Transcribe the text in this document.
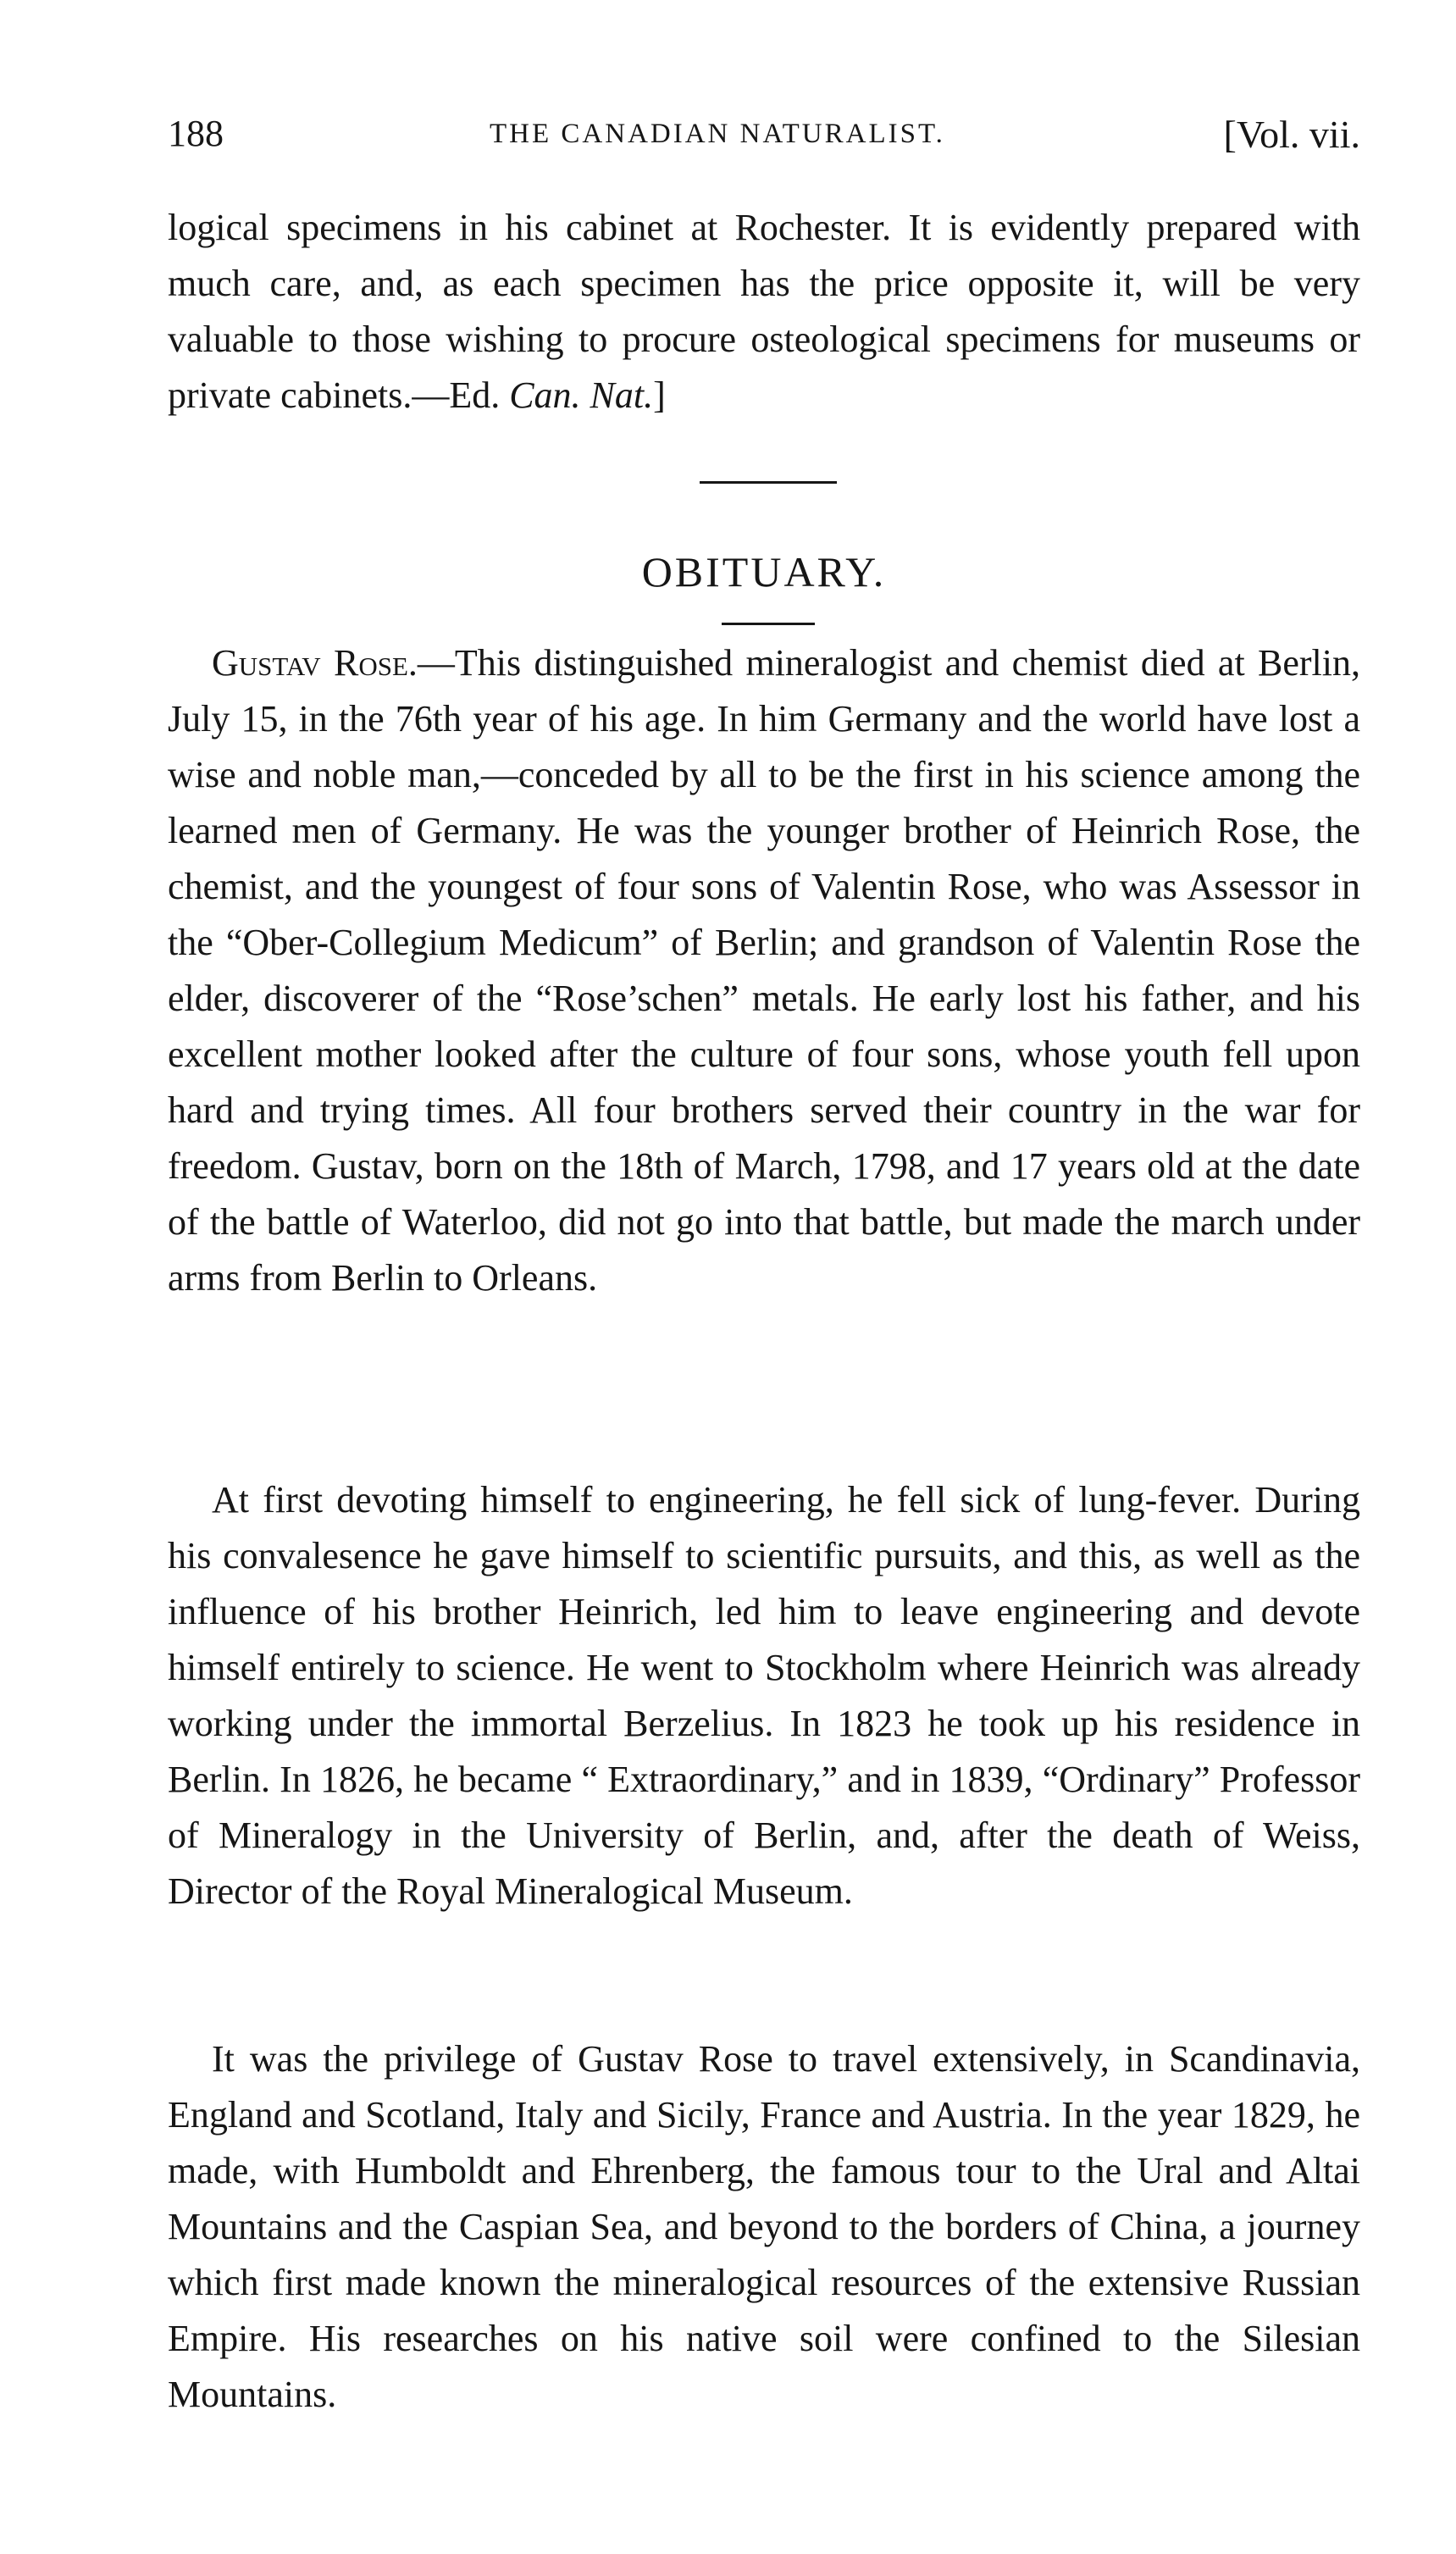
188	THE CANADIAN NATURALIST.	[Vol. vii.

logical specimens in his cabinet at Rochester. It is evidently prepared with much care, and, as each specimen has the price opposite it, will be very valuable to those wishing to procure osteological specimens for museums or private cabinets.—Ed. Can. Nat.]

OBITUARY.

Gustav Rose.—This distinguished mineralogist and chemist died at Berlin, July 15, in the 76th year of his age. In him Germany and the world have lost a wise and noble man,—conceded by all to be the first in his science among the learned men of Germany. He was the younger brother of Heinrich Rose, the chemist, and the youngest of four sons of Valentin Rose, who was Assessor in the “Ober-Collegium Medicum” of Berlin; and grandson of Valentin Rose the elder, discoverer of the “Rose’schen” metals. He early lost his father, and his excellent mother looked after the culture of four sons, whose youth fell upon hard and trying times. All four brothers served their country in the war for freedom. Gustav, born on the 18th of March, 1798, and 17 years old at the date of the battle of Waterloo, did not go into that battle, but made the march under arms from Berlin to Orleans.

At first devoting himself to engineering, he fell sick of lung-fever. During his convalesence he gave himself to scientific pursuits, and this, as well as the influence of his brother Heinrich, led him to leave engineering and devote himself entirely to science. He went to Stockholm where Heinrich was already working under the immortal Berzelius. In 1823 he took up his residence in Berlin. In 1826, he became “ Extraordinary,” and in 1839, “Ordinary” Professor of Mineralogy in the University of Berlin, and, after the death of Weiss, Director of the Royal Mineralogical Museum.

It was the privilege of Gustav Rose to travel extensively, in Scandinavia, England and Scotland, Italy and Sicily, France and Austria. In the year 1829, he made, with Humboldt and Ehrenberg, the famous tour to the Ural and Altai Mountains and the Caspian Sea, and beyond to the borders of China, a journey which first made known the mineralogical resources of the extensive Russian Empire. His researches on his native soil were confined to the Silesian Mountains.
